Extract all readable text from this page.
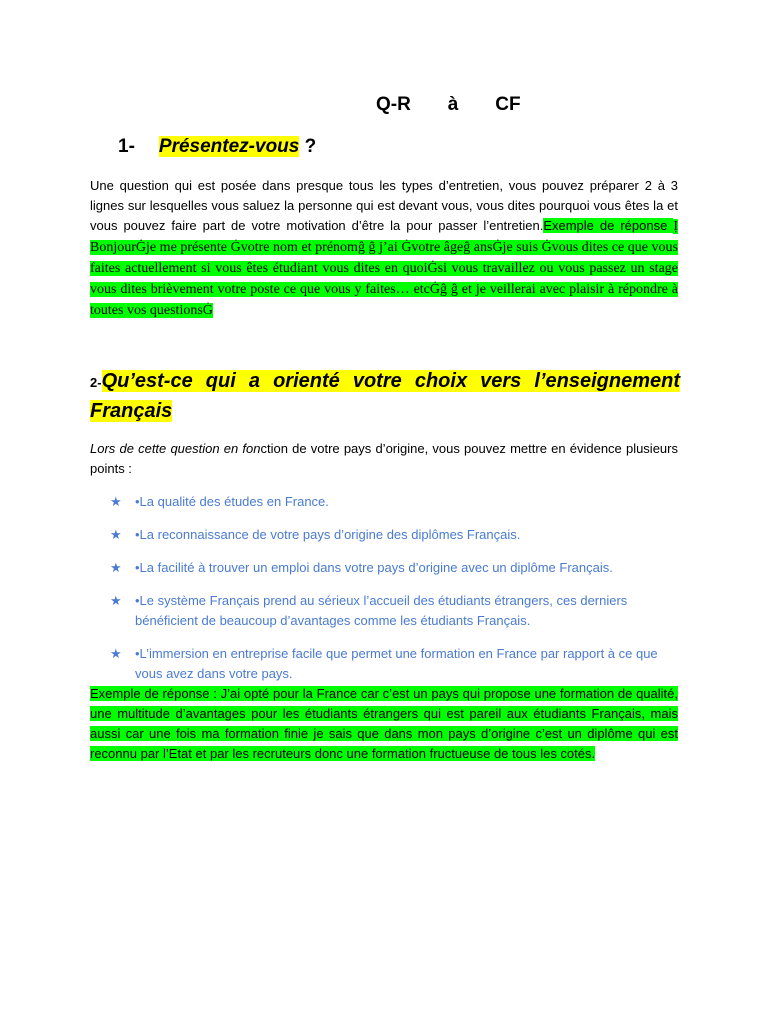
Q-R       à       CF
1- Présentez-vous ?

Une question qui est posée dans presque tous les types d’entretien, vous pouvez préparer 2 à 3 lignes sur lesquelles vous saluez la personne qui est devant vous, vous dites pourquoi vous êtes la et vous pouvez faire part de votre motivation d’être la pour passer l’entretien.Exemple de réponse Ị BonjourĠje me présente Ġvotre nom et prénomĝ ĝ j’ai Ġvotre âgeĝ ansĠje suis Ġvous dites ce que vous faites actuellement si vous êtes étudiant vous dites en quoiĠsi vous travaillez ou vous passez un stage vous dites brièvement votre poste ce que vous y faites… etcĠĝ ĝ et je veillerai avec plaisir à répondre à toutes vos questionsĠ

2-Qu’est-ce qui a orienté votre choix vers l’enseignement Français

Lors de cette question en fonction de votre pays d’origine, vous pouvez mettre en évidence plusieurs points :

★ •La qualité des études en France.
★ •La reconnaissance de votre pays d’origine des diplômes Français.
★ •La facilité à trouver un emploi dans votre pays d’origine avec un diplôme Français.
★ •Le système Français prend au sérieux l’accueil des étudiants étrangers, ces derniers bénéficient de beaucoup d’avantages comme les étudiants Français.
★ •L’immersion en entreprise facile que permet une formation en France par rapport à ce que vous avez dans votre pays.

Exemple de réponse : J’ai opté pour la France car c’est un pays qui propose une formation de qualité, une multitude d’avantages pour les étudiants étrangers qui est pareil aux étudiants Français, mais aussi car une fois ma formation finie je sais que dans mon pays d’origine c’est un diplôme qui est reconnu par l’Etat et par les recruteurs donc une formation fructueuse de tous les cotés.
